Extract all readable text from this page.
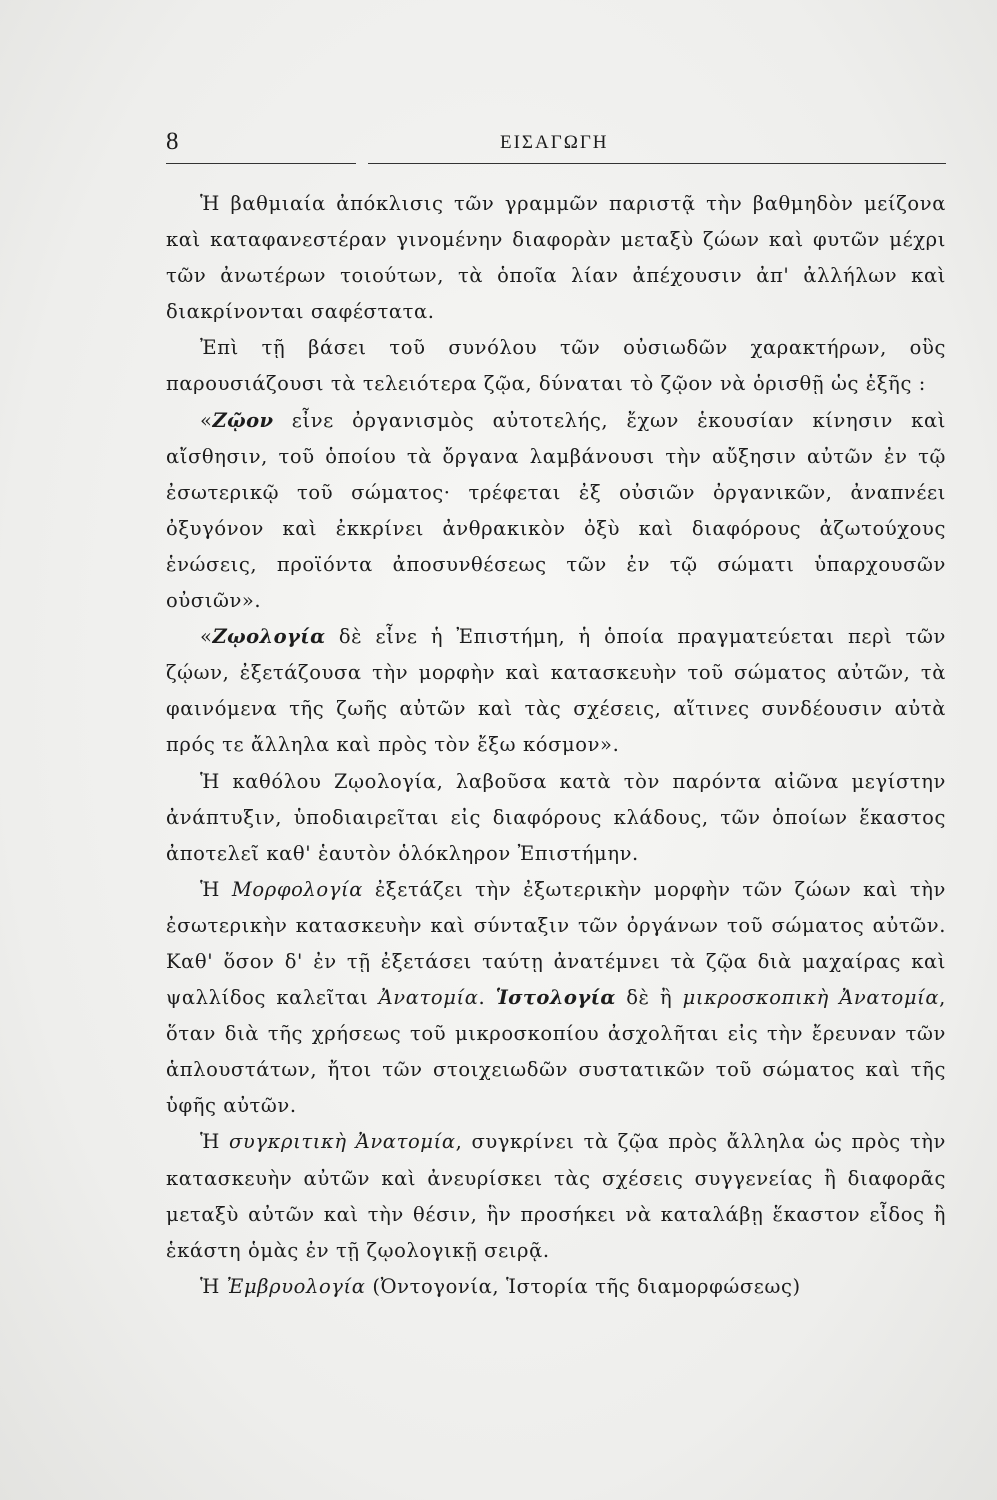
8	ΕΙΣΑΓΩΓΗ

Ἡ βαθμιαία ἀπόκλισις τῶν γραμμῶν παριστᾷ τὴν βαθμηδὸν μείζονα καὶ καταφανεστέραν γινομένην διαφορὰν μεταξὺ ζώων καὶ φυτῶν μέχρι τῶν ἀνωτέρων τοιούτων, τὰ ὁποῖα λίαν ἀπέχουσιν ἀπ' ἀλλήλων καὶ διακρίνονται σαφέστατα.

Ἐπὶ τῇ βάσει τοῦ συνόλου τῶν οὐσιωδῶν χαρακτήρων, οὓς παρουσιάζουσι τὰ τελειότερα ζῷα, δύναται τὸ ζῷον νὰ ὁρισθῇ ὡς ἑξῆς :

«Ζῷον εἶνε ὀργανισμὸς αὐτοτελής, ἔχων ἑκουσίαν κίνησιν καὶ αἴσθησιν, τοῦ ὁποίου τὰ ὄργανα λαμβάνουσι τὴν αὔξησιν αὐτῶν ἐν τῷ ἐσωτερικῷ τοῦ σώματος· τρέφεται ἐξ οὐσιῶν ὀργανικῶν, ἀναπνέει ὀξυγόνον καὶ ἐκκρίνει ἀνθρακικὸν ὀξὺ καὶ διαφόρους ἀζωτούχους ἑνώσεις, προϊόντα ἀποσυνθέσεως τῶν ἐν τῷ σώματι ὑπαρχουσῶν οὐσιῶν».

«Ζῳολογία δὲ εἶνε ἡ Ἐπιστήμη, ἡ ὁποία πραγματεύεται περὶ τῶν ζῴων, ἐξετάζουσα τὴν μορφὴν καὶ κατασκευὴν τοῦ σώματος αὐτῶν, τὰ φαινόμενα τῆς ζωῆς αὐτῶν καὶ τὰς σχέσεις, αἵτινες συνδέουσιν αὐτὰ πρός τε ἄλληλα καὶ πρὸς τὸν ἔξω κόσμον».

Ἡ καθόλου Ζῳολογία, λαβοῦσα κατὰ τὸν παρόντα αἰῶνα μεγίστην ἀνάπτυξιν, ὑποδιαιρεῖται εἰς διαφόρους κλάδους, τῶν ὁποίων ἕκαστος ἀποτελεῖ καθ' ἑαυτὸν ὁλόκληρον Ἐπιστήμην.

Ἡ Μορφολογία ἐξετάζει τὴν ἐξωτερικὴν μορφὴν τῶν ζώων καὶ τὴν ἐσωτερικὴν κατασκευὴν καὶ σύνταξιν τῶν ὀργάνων τοῦ σώματος αὐτῶν. Καθ' ὅσον δ' ἐν τῇ ἐξετάσει ταύτῃ ἀνατέμνει τὰ ζῷα διὰ μαχαίρας καὶ ψαλλίδος καλεῖται Ἀνατομία. Ἱστολογία δὲ ἢ μικροσκοπικὴ Ἀνατομία, ὅταν διὰ τῆς χρήσεως τοῦ μικροσκοπίου ἀσχολῆται εἰς τὴν ἔρευναν τῶν ἁπλουστάτων, ἤτοι τῶν στοιχειωδῶν συστατικῶν τοῦ σώματος καὶ τῆς ὑφῆς αὐτῶν.

Ἡ συγκριτικὴ Ἀνατομία, συγκρίνει τὰ ζῷα πρὸς ἄλληλα ὡς πρὸς τὴν κατασκευὴν αὐτῶν καὶ ἀνευρίσκει τὰς σχέσεις συγγενείας ἢ διαφορᾶς μεταξὺ αὐτῶν καὶ τὴν θέσιν, ἣν προσήκει νὰ καταλάβῃ ἕκαστον εἶδος ἢ ἑκάστη ὁμὰς ἐν τῇ ζῳολογικῇ σειρᾷ.

Ἡ Ἐμβρυολογία (Ὀντογονία, Ἱστορία τῆς διαμορφώσεως)
